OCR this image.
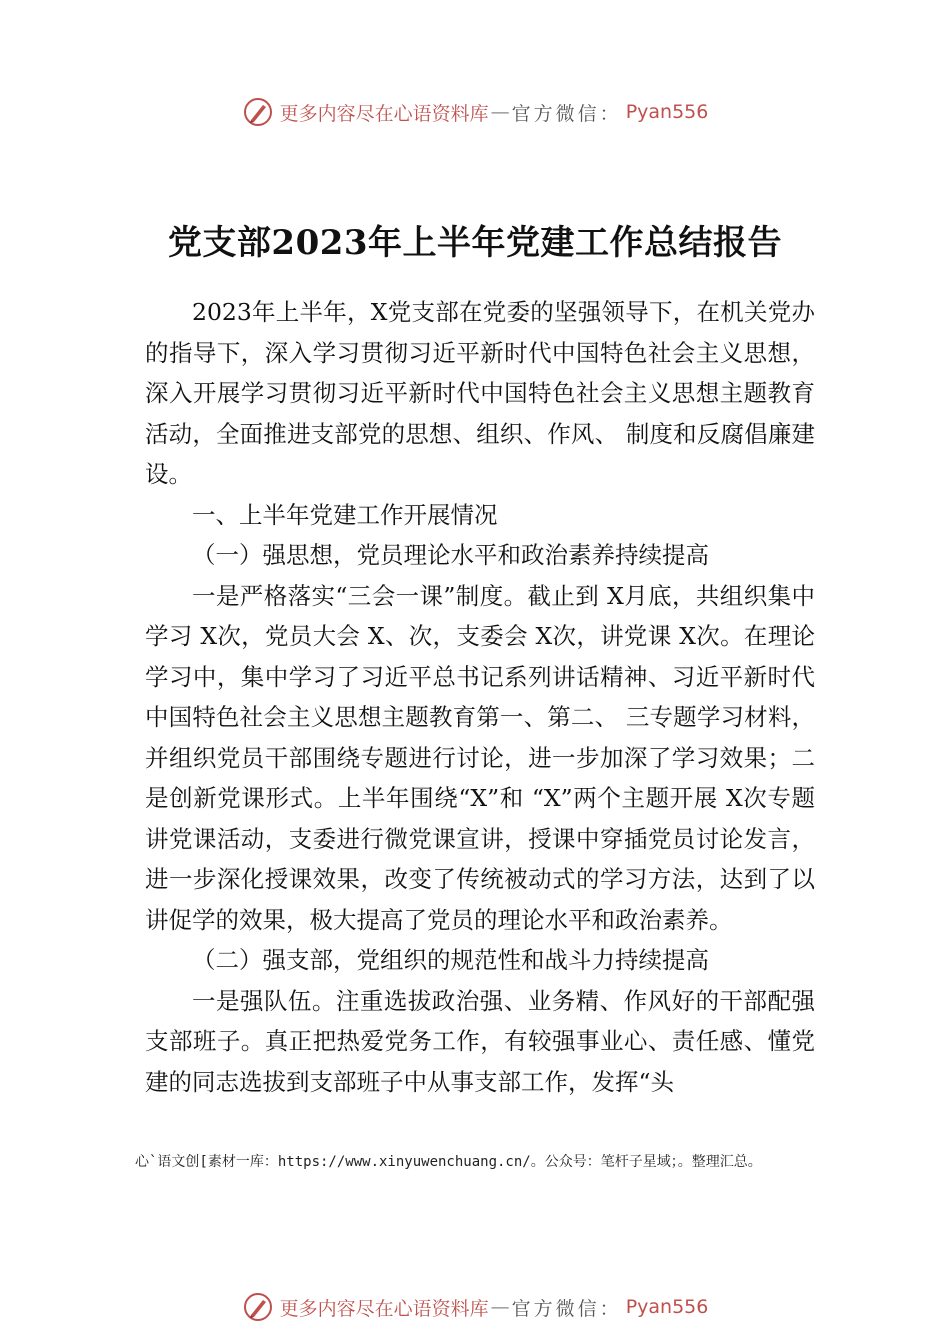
更多内容尽在心语资料库 — 官方微信： Pyan556
党支部2023年上半年党建工作总结报告

2023年上半年，X党支部在党委的坚强领导下，在机关党办的指导下，深入学习贯彻习近平新时代中国特色社会主义思想，深入开展学习贯彻习近平新时代中国特色社会主义思想主题教育活动，全面推进支部党的思想、组织、作风、 制度和反腐倡廉建设。

一、上半年党建工作开展情况

（一）强思想，党员理论水平和政治素养持续提高

一是严格落实“三会一课”制度。截止到 X月底，共组织集中学习 X次，党员大会 X、次，支委会 X次，讲党课 X次。在理论学习中，集中学习了习近平总书记系列讲话精神、习近平新时代中国特色社会主义思想主题教育第一、第二、 三专题学习材料，并组织党员干部围绕专题进行讨论，进一步加深了学习效果；二是创新党课形式。上半年围绕“X”和 “X”两个主题开展 X次专题讲党课活动，支委进行微党课宣讲，授课中穿插党员讨论发言，进一步深化授课效果，改变了传统被动式的学习方法，达到了以讲促学的效果，极大提高了党员的理论水平和政治素养。

（二）强支部，党组织的规范性和战斗力持续提高

一是强队伍。注重选拔政治强、业务精、作风好的干部配强支部班子。真正把热爱党务工作，有较强事业心、责任感、懂党建的同志选拔到支部班子中从事支部工作，发挥“头

心`语文创[素材一库：https://www.xinyuwenchuang.cn/。公众号：笔杆子星域；。整理汇总。
更多内容尽在心语资料库 — 官方微信： Pyan556
